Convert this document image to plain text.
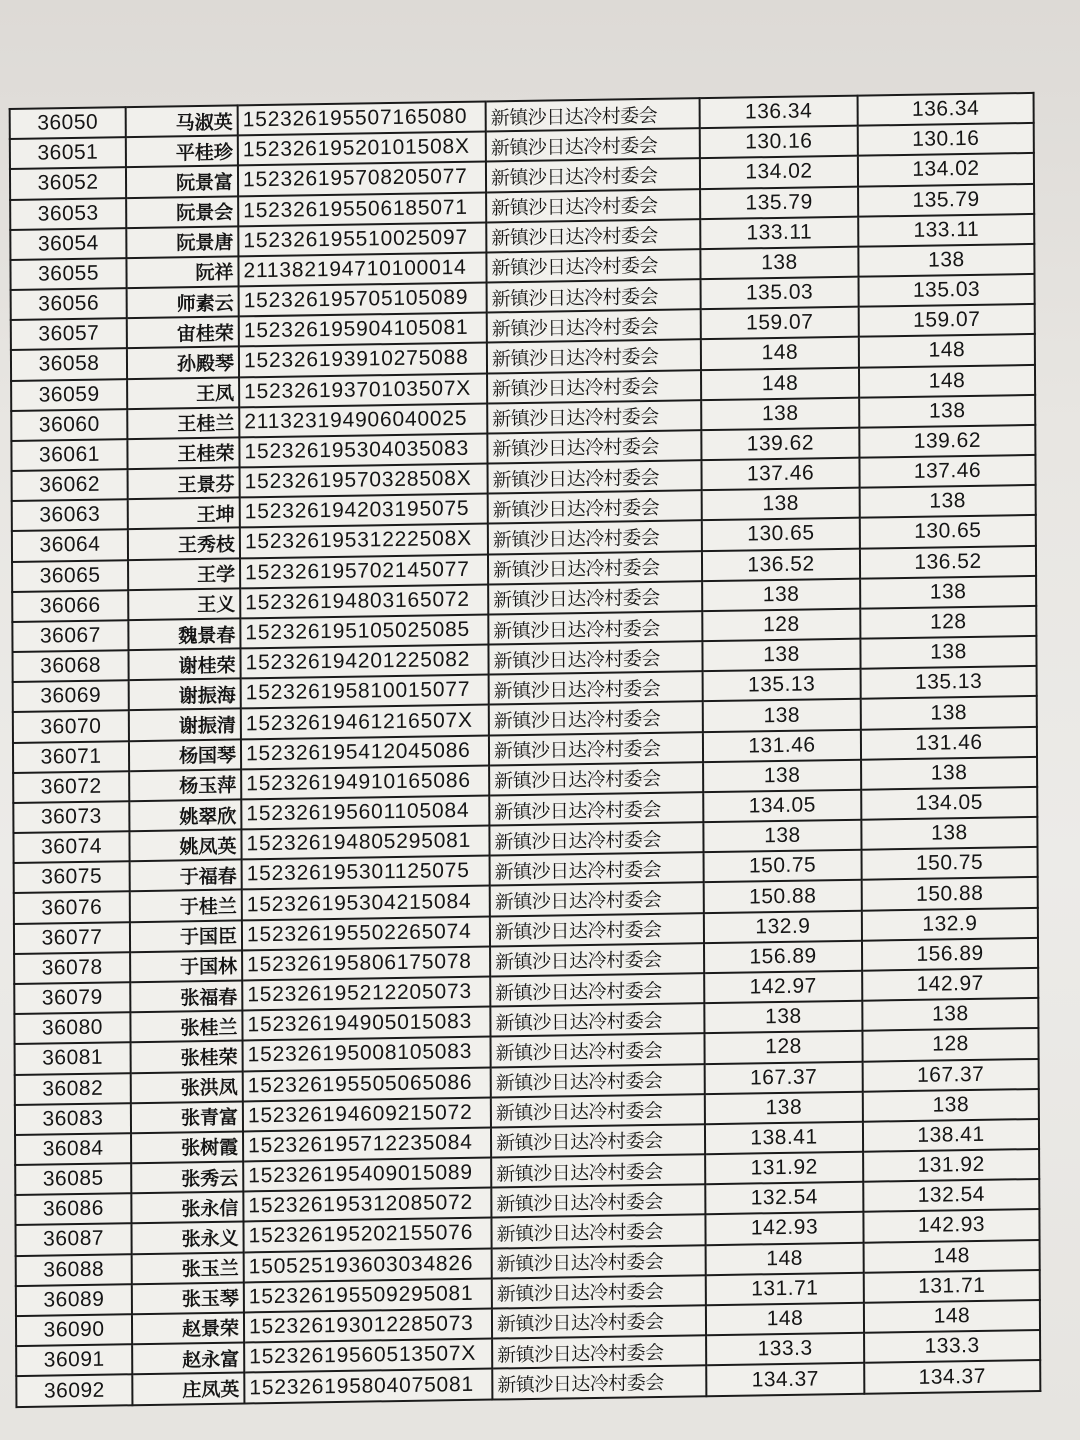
36050	马淑英	152326195507165080	新镇沙日达冷村委会	136.34	136.34
36051	平桂珍	15232619520101508X	新镇沙日达冷村委会	130.16	130.16
36052	阮景富	152326195708205077	新镇沙日达冷村委会	134.02	134.02
36053	阮景会	152326195506185071	新镇沙日达冷村委会	135.79	135.79
36054	阮景唐	152326195510025097	新镇沙日达冷村委会	133.11	133.11
36055	阮祥	211382194710100014	新镇沙日达冷村委会	138	138
36056	师素云	152326195705105089	新镇沙日达冷村委会	135.03	135.03
36057	宙桂荣	152326195904105081	新镇沙日达冷村委会	159.07	159.07
36058	孙殿琴	152326193910275088	新镇沙日达冷村委会	148	148
36059	王凤	15232619370103507X	新镇沙日达冷村委会	148	148
36060	王桂兰	211323194906040025	新镇沙日达冷村委会	138	138
36061	王桂荣	152326195304035083	新镇沙日达冷村委会	139.62	139.62
36062	王景芬	15232619570328508X	新镇沙日达冷村委会	137.46	137.46
36063	王坤	152326194203195075	新镇沙日达冷村委会	138	138
36064	王秀枝	15232619531222508X	新镇沙日达冷村委会	130.65	130.65
36065	王学	152326195702145077	新镇沙日达冷村委会	136.52	136.52
36066	王义	152326194803165072	新镇沙日达冷村委会	138	138
36067	魏景春	152326195105025085	新镇沙日达冷村委会	128	128
36068	谢桂荣	152326194201225082	新镇沙日达冷村委会	138	138
36069	谢振海	152326195810015077	新镇沙日达冷村委会	135.13	135.13
36070	谢振清	15232619461216507X	新镇沙日达冷村委会	138	138
36071	杨国琴	152326195412045086	新镇沙日达冷村委会	131.46	131.46
36072	杨玉萍	152326194910165086	新镇沙日达冷村委会	138	138
36073	姚翠欣	152326195601105084	新镇沙日达冷村委会	134.05	134.05
36074	姚凤英	152326194805295081	新镇沙日达冷村委会	138	138
36075	于福春	152326195301125075	新镇沙日达冷村委会	150.75	150.75
36076	于桂兰	152326195304215084	新镇沙日达冷村委会	150.88	150.88
36077	于国臣	152326195502265074	新镇沙日达冷村委会	132.9	132.9
36078	于国林	152326195806175078	新镇沙日达冷村委会	156.89	156.89
36079	张福春	152326195212205073	新镇沙日达冷村委会	142.97	142.97
36080	张桂兰	152326194905015083	新镇沙日达冷村委会	138	138
36081	张桂荣	152326195008105083	新镇沙日达冷村委会	128	128
36082	张洪凤	152326195505065086	新镇沙日达冷村委会	167.37	167.37
36083	张青富	152326194609215072	新镇沙日达冷村委会	138	138
36084	张树霞	152326195712235084	新镇沙日达冷村委会	138.41	138.41
36085	张秀云	152326195409015089	新镇沙日达冷村委会	131.92	131.92
36086	张永信	152326195312085072	新镇沙日达冷村委会	132.54	132.54
36087	张永义	152326195202155076	新镇沙日达冷村委会	142.93	142.93
36088	张玉兰	150525193603034826	新镇沙日达冷村委会	148	148
36089	张玉琴	152326195509295081	新镇沙日达冷村委会	131.71	131.71
36090	赵景荣	152326193012285073	新镇沙日达冷村委会	148	148
36091	赵永富	15232619560513507X	新镇沙日达冷村委会	133.3	133.3
36092	庄凤英	152326195804075081	新镇沙日达冷村委会	134.37	134.37
